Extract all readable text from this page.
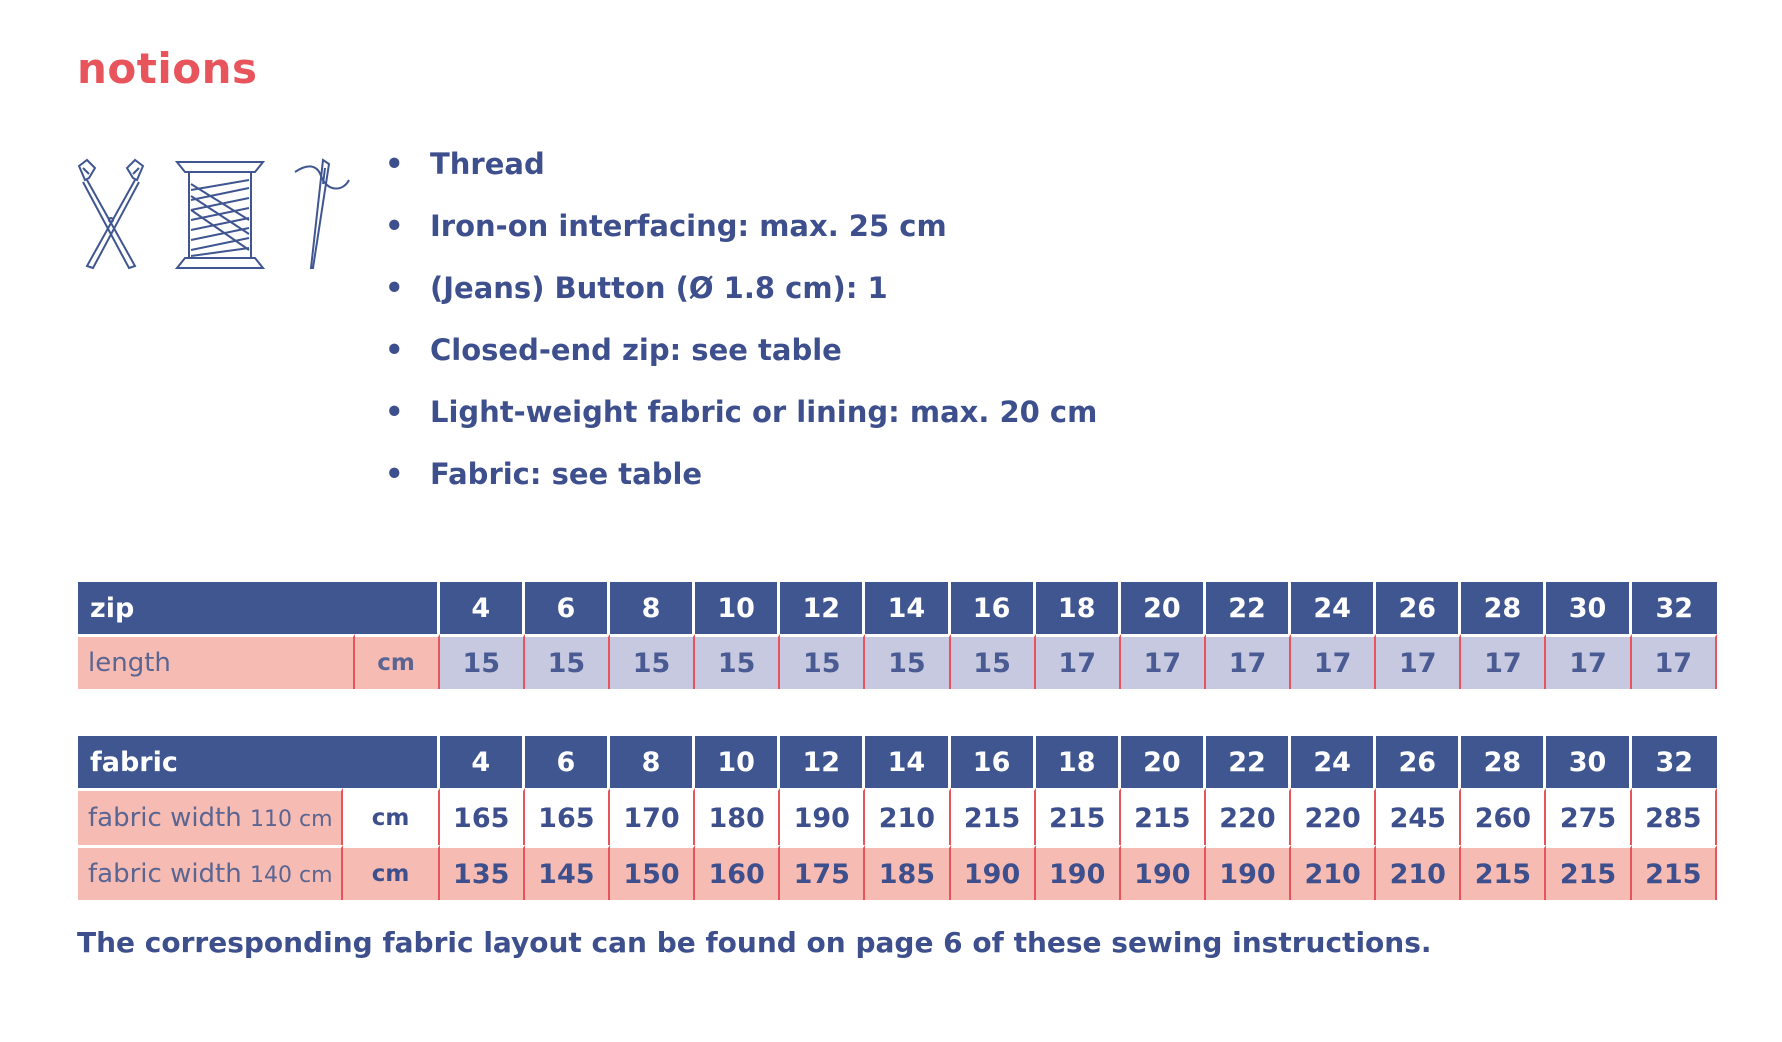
notions
• Thread
• Iron-on interfacing: max. 25 cm
• (Jeans) Button (Ø 1.8 cm): 1
• Closed-end zip: see table
• Light-weight fabric or lining: max. 20 cm
• Fabric: see table
zip		4	6	8	10	12	14	16	18	20	22	24	26	28	30	32
length	cm	15	15	15	15	15	15	15	17	17	17	17	17	17	17	17
fabric		4	6	8	10	12	14	16	18	20	22	24	26	28	30	32
fabric width 110 cm	cm	165	165	170	180	190	210	215	215	215	220	220	245	260	275	285
fabric width 140 cm	cm	135	145	150	160	175	185	190	190	190	190	210	210	215	215	215
The corresponding fabric layout can be found on page 6 of these sewing instructions.
